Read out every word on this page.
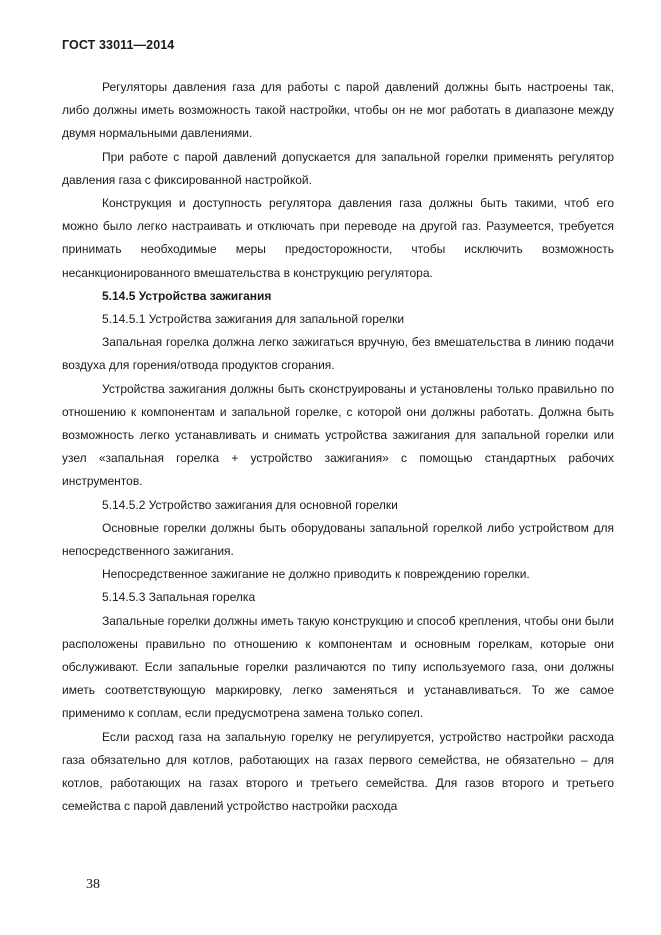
ГОСТ 33011—2014

Регуляторы давления газа для работы с парой давлений должны быть настроены так, либо должны иметь возможность такой настройки, чтобы он не мог работать в диапазоне между двумя нормальными давлениями.

При работе с парой давлений допускается для запальной горелки применять регулятор давления газа с фиксированной настройкой.

Конструкция и доступность регулятора давления газа должны быть такими, чтоб его можно было легко настраивать и отключать при переводе на другой газ. Разумеется, требуется принимать необходимые меры предосторожности, чтобы исключить возможность несанкционированного вмешательства в конструкцию регулятора.

5.14.5 Устройства зажигания

5.14.5.1 Устройства зажигания для запальной горелки

Запальная горелка должна легко зажигаться вручную, без вмешательства в линию подачи воздуха для горения/отвода продуктов сгорания.

Устройства зажигания должны быть сконструированы и установлены только правильно по отношению к компонентам и запальной горелке, с которой они должны работать. Должна быть возможность легко устанавливать и снимать устройства зажигания для запальной горелки или узел «запальная горелка + устройство зажигания» с помощью стандартных рабочих инструментов.

5.14.5.2 Устройство зажигания для основной горелки

Основные горелки должны быть оборудованы запальной горелкой либо устройством для непосредственного зажигания.

Непосредственное зажигание не должно приводить к повреждению горелки.

5.14.5.3 Запальная горелка

Запальные горелки должны иметь такую конструкцию и способ крепления, чтобы они были расположены правильно по отношению к компонентам и основным горелкам, которые они обслуживают. Если запальные горелки различаются по типу используемого газа, они должны иметь соответствующую маркировку, легко заменяться и устанавливаться. То же самое применимо к соплам, если предусмотрена замена только сопел.

Если расход газа на запальную горелку не регулируется, устройство настройки расхода газа обязательно для котлов, работающих на газах первого семейства, не обязательно – для котлов, работающих на газах второго и третьего семейства. Для газов второго и третьего семейства с парой давлений устройство настройки расхода

38
